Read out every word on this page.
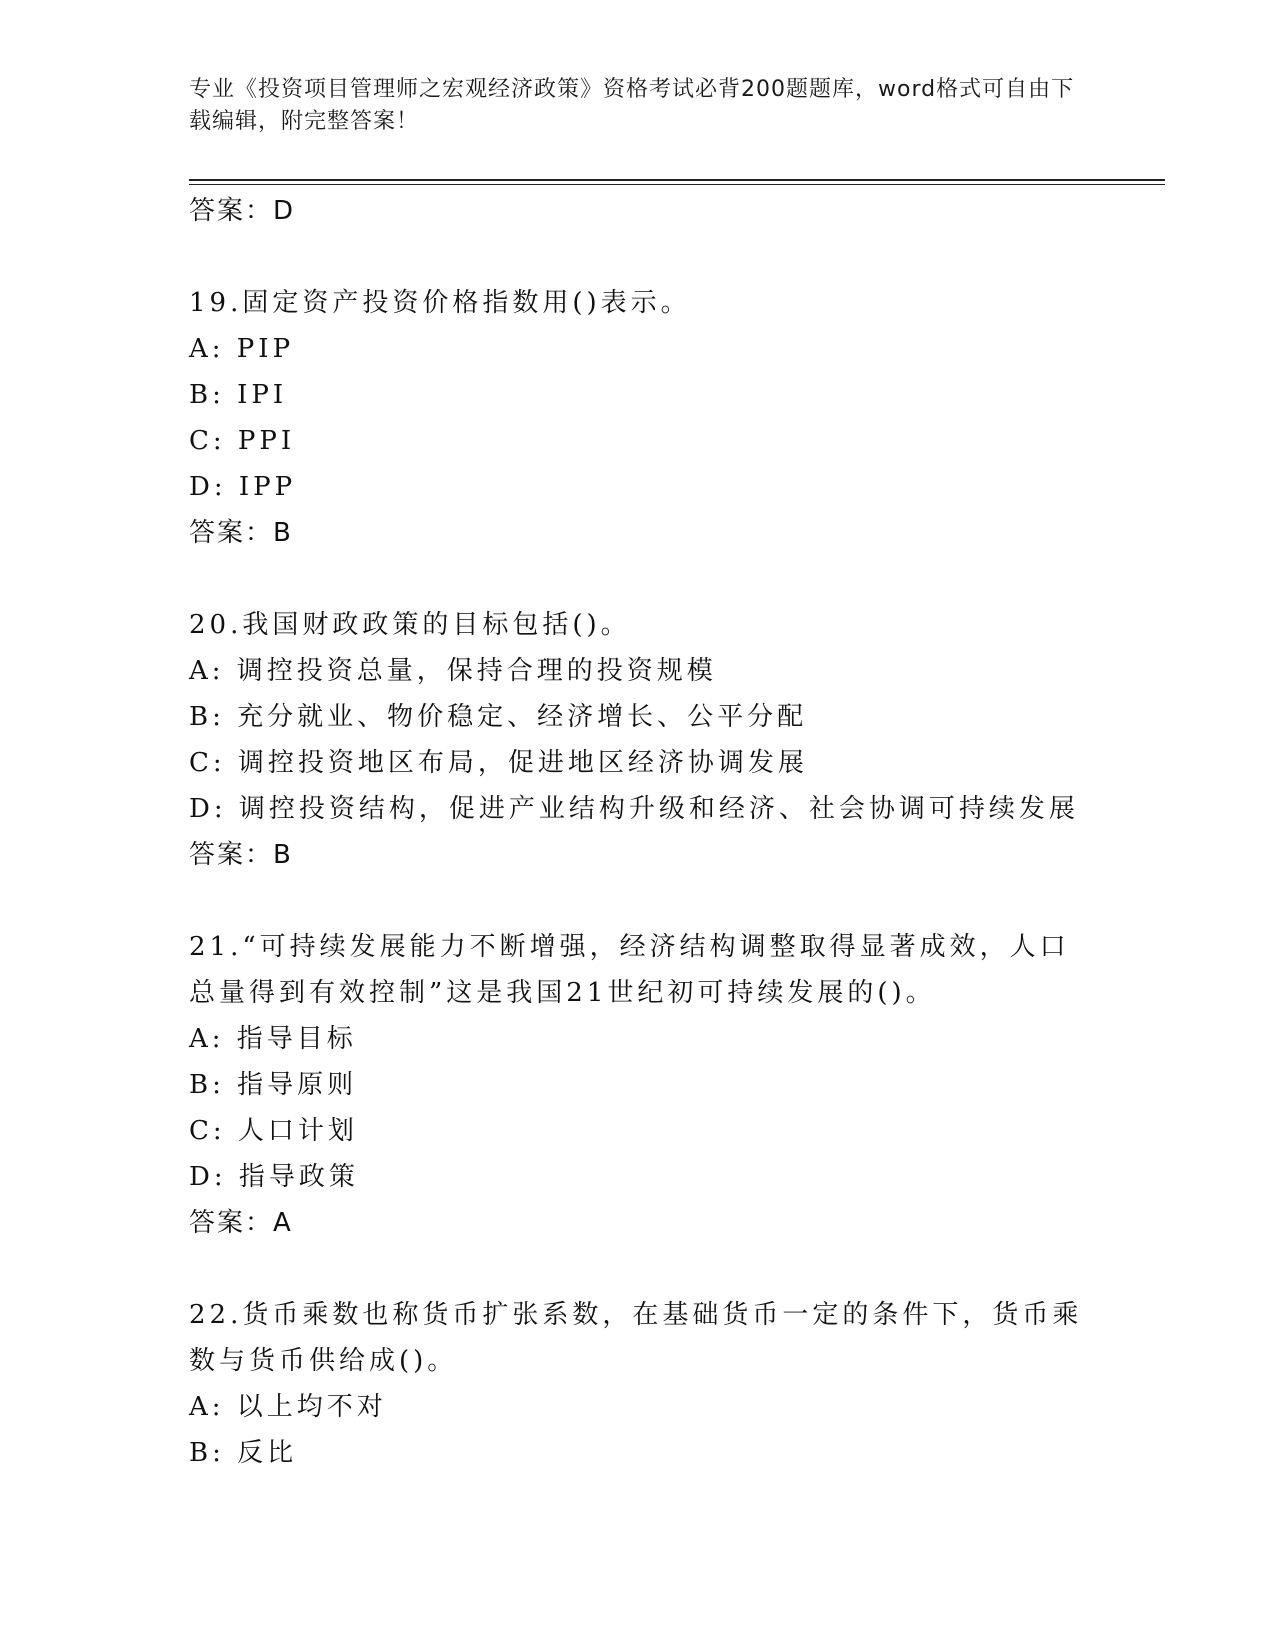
专业《投资项目管理师之宏观经济政策》资格考试必背200题题库，word格式可自由下载编辑，附完整答案！
答案：D
19.固定资产投资价格指数用()表示。
A: PIP
B: IPI
C: PPI
D: IPP
答案：B
20.我国财政政策的目标包括()。
A: 调控投资总量，保持合理的投资规模
B: 充分就业、物价稳定、经济增长、公平分配
C: 调控投资地区布局，促进地区经济协调发展
D: 调控投资结构，促进产业结构升级和经济、社会协调可持续发展
答案：B
21.“可持续发展能力不断增强，经济结构调整取得显著成效，人口总量得到有效控制”这是我国21世纪初可持续发展的()。
A: 指导目标
B: 指导原则
C: 人口计划
D: 指导政策
答案：A
22.货币乘数也称货币扩张系数，在基础货币一定的条件下，货币乘数与货币供给成()。
A: 以上均不对
B: 反比
